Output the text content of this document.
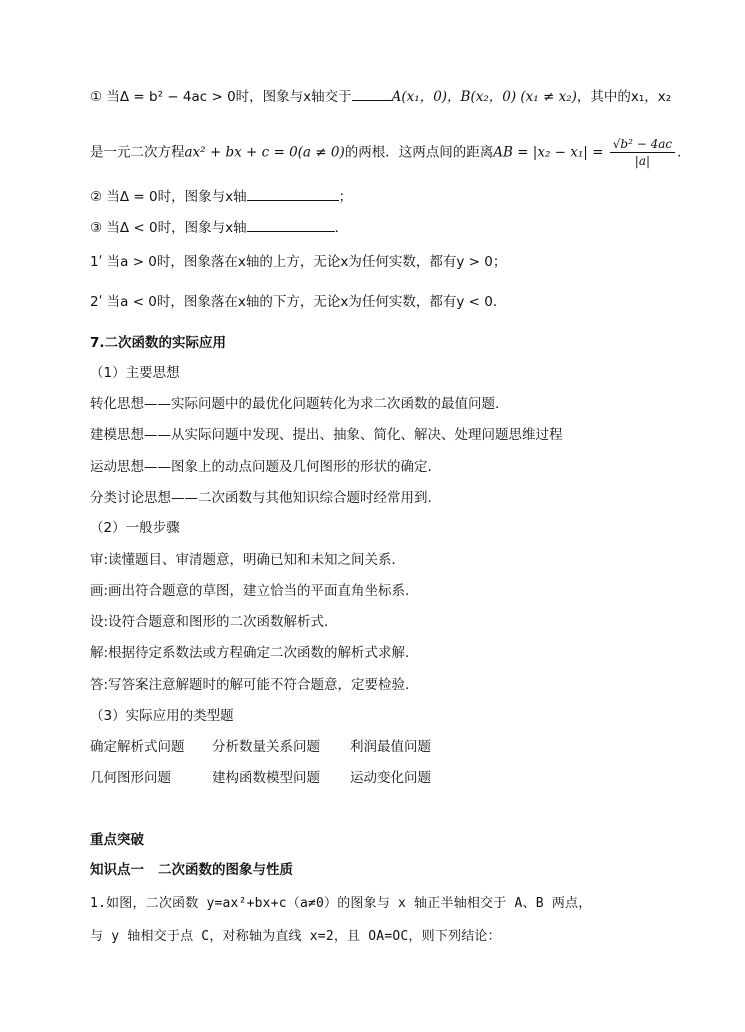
① 当Δ = b² − 4ac > 0时，图象与x轴交于	A(x₁，0)，B(x₂，0) (x₁ ≠ x₂)，其中的x₁，x₂
是一元二次方程ax² + bx + c = 0(a ≠ 0)的两根．这两点间的距离AB = $|x_2 - x_1| = \frac{\text{√b² − 4ac}}{|a|}$ .
② 当Δ = 0时，图象与x轴	；
③ 当Δ < 0时，图象与x轴	.
1ʹ 当a > 0时，图象落在x轴的上方，无论x为任何实数，都有y > 0；
2ʹ 当a < 0时，图象落在x轴的下方，无论x为任何实数，都有y < 0．
7.二次函数的实际应用
（1）主要思想
转化思想——实际问题中的最优化问题转化为求二次函数的最值问题.
建模思想——从实际问题中发现、提出、抽象、简化、解决、处理问题思维过程
运动思想——图象上的动点问题及几何图形的形状的确定.
分类讨论思想——二次函数与其他知识综合题时经常用到.
（2）一般步骤
审:读懂题目、审清题意，明确已知和未知之间关系．
画:画出符合题意的草图，建立恰当的平面直角坐标系.
设:设符合题意和图形的二次函数解析式．
解:根据待定系数法或方程确定二次函数的解析式求解.
答:写答案注意解题时的解可能不符合题意，定要检验.
（3）实际应用的类型题
确定解析式问题 分析数量关系问题 利润最值问题
几何图形问题	建构函数模型问题 运动变化问题
重点突破
知识点一 二次函数的图象与性质
1.如图，二次函数 y=ax²+bx+c（a≠0）的图象与 x 轴正半轴相交于 A、B 两点，
与 y 轴相交于点 C，对称轴为直线 x=2，且 OA=OC，则下列结论：
